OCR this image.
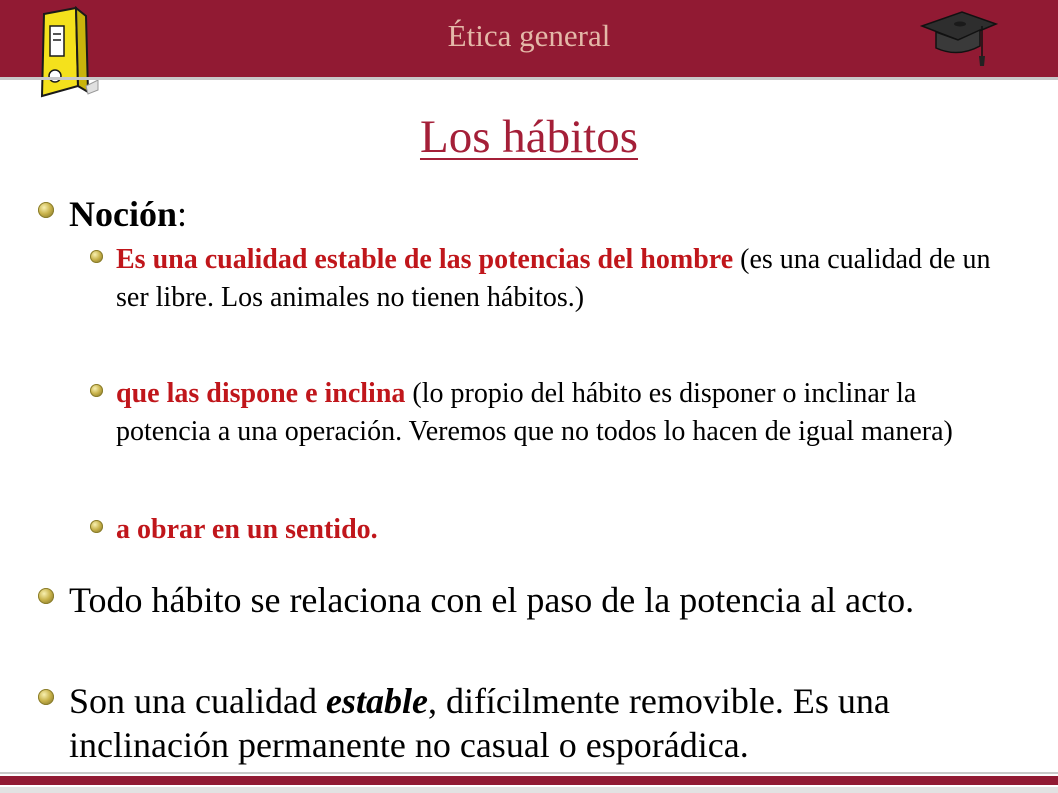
Ética general
Los hábitos
Noción:
Es una cualidad estable de las potencias del hombre (es una cualidad de un ser libre. Los animales no tienen hábitos.)
que las dispone e inclina (lo propio del hábito es disponer o inclinar la potencia a una operación. Veremos que no todos lo hacen de igual manera)
a obrar en un sentido.
Todo hábito se relaciona con el paso de la potencia al acto.
Son una cualidad estable, difícilmente removible. Es una inclinación permanente no casual o esporádica.
